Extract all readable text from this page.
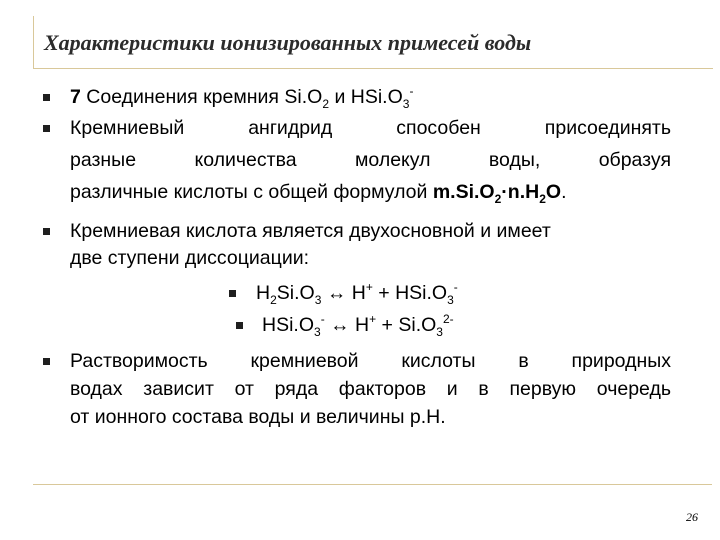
Характеристики ионизированных примесей воды
7 Соединения кремния $Si.O_2$ и $HSi.O_3^-$
Кремниевый ангидрид способен присоединять
разные количества молекул воды, образуя
различные кислоты с общей формулой $m.Si.O_2\cdot n.H_2O$.
Кремниевая кислота является двухосновной и имеет
две ступени диссоциации:
$H_2Si.O_3$ ↔ $H^+ + HSi.O_3^-$
$HSi.O_3^-$ ↔ $H^+ + Si.O_3^{2-}$
Растворимость кремниевой кислоты в природных
водах зависит от ряда факторов и в первую очередь
от ионного состава воды и величины р.Н.
26
